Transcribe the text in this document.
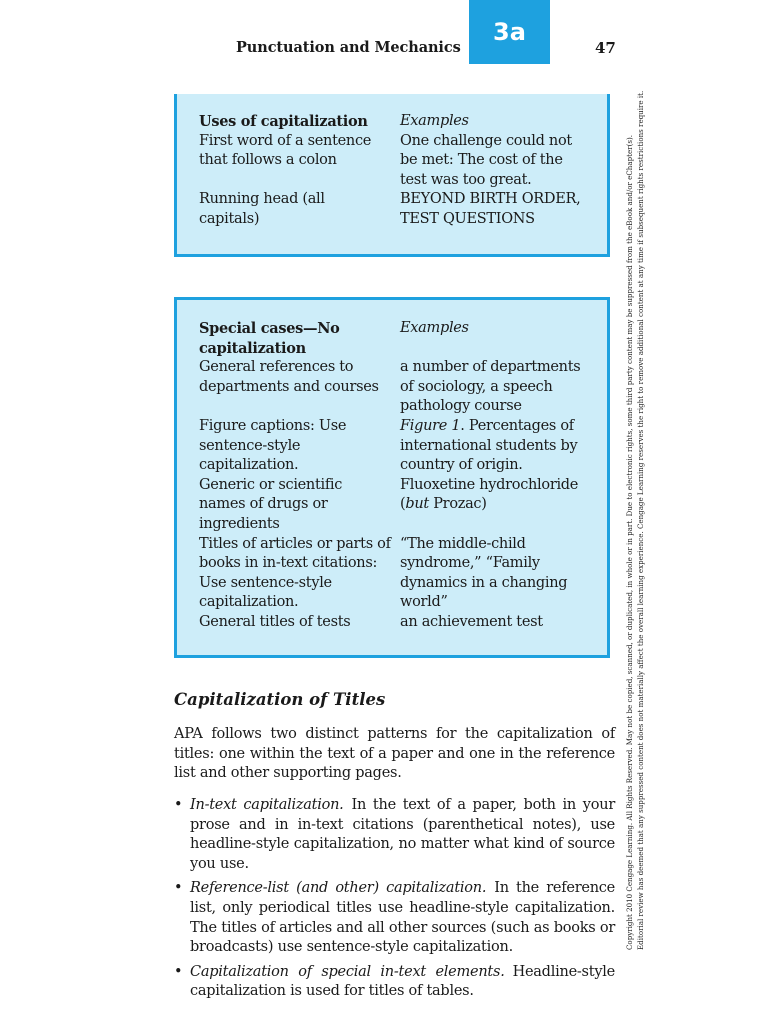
Punctuation and Mechanics
3a
47
Uses of capitalization	Examples
First word of a sentence
that follows a colon
One challenge could not
be met: The cost of the
test was too great.
Running head (all
capitals)
BEYOND BIRTH ORDER,
TEST QUESTIONS
Special cases—No
capitalization
Examples
General references to
departments and courses
a number of departments
of sociology, a speech
pathology course
Figure captions: Use
sentence-style
capitalization.
Figure 1. Percentages of
international students by
country of origin.
Generic or scientific
names of drugs or
ingredients
Fluoxetine hydrochloride
(but Prozac)
Titles of articles or parts of
books in in-text citations:
Use sentence-style
capitalization.
“The middle-child
syndrome,” “Family
dynamics in a changing
world”
General titles of tests	an achievement test
Capitalization of Titles
APA follows two distinct patterns for the capitalization of titles: one within the text of a paper and one in the reference list and other supporting pages.
• In-text capitalization. In the text of a paper, both in your prose and in in-text citations (parenthetical notes), use headline-style capitalization, no matter what kind of source you use.
• Reference-list (and other) capitalization. In the reference list, only periodical titles use headline-style capitalization. The titles of articles and all other sources (such as books or broadcasts) use sentence-style capitalization.
• Capitalization of special in-text elements. Headline-style capitalization is used for titles of tables.
Copyright 2010 Cengage Learning. All Rights Reserved. May not be copied, scanned, or duplicated, in whole or in part. Due to electronic rights, some third party content may be suppressed from the eBook and/or eChapter(s). Editorial review has deemed that any suppressed content does not materially affect the overall learning experience. Cengage Learning reserves the right to remove additional content at any time if subsequent rights restrictions require it.
